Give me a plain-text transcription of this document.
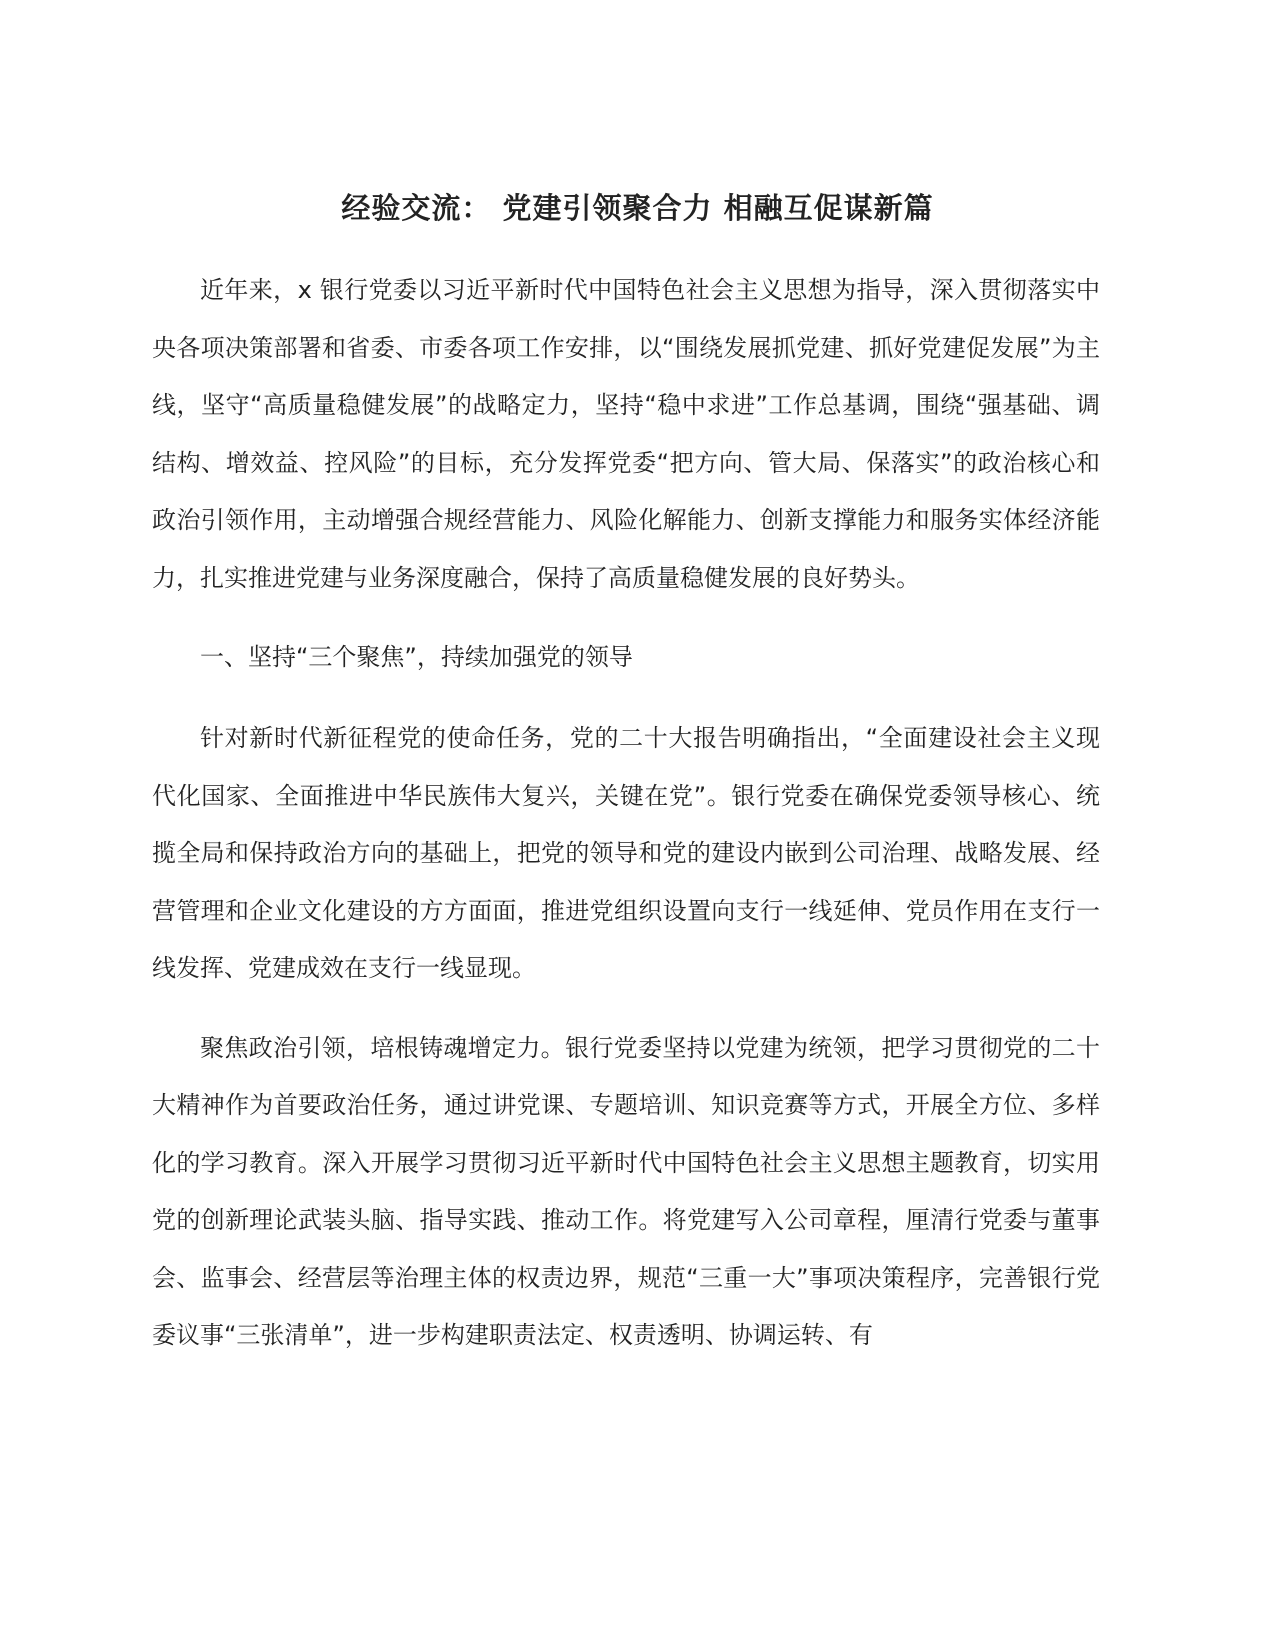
经验交流： 党建引领聚合力 相融互促谋新篇

近年来，x 银行党委以习近平新时代中国特色社会主义思想为指导，深入贯彻落实中央各项决策部署和省委、市委各项工作安排，以“围绕发展抓党建、抓好党建促发展”为主线，坚守“高质量稳健发展”的战略定力，坚持“稳中求进”工作总基调，围绕“强基础、调结构、增效益、控风险”的目标，充分发挥党委“把方向、管大局、保落实”的政治核心和政治引领作用，主动增强合规经营能力、风险化解能力、创新支撑能力和服务实体经济能力，扎实推进党建与业务深度融合，保持了高质量稳健发展的良好势头。

一、坚持“三个聚焦”，持续加强党的领导

针对新时代新征程党的使命任务，党的二十大报告明确指出，“全面建设社会主义现代化国家、全面推进中华民族伟大复兴，关键在党”。银行党委在确保党委领导核心、统揽全局和保持政治方向的基础上，把党的领导和党的建设内嵌到公司治理、战略发展、经营管理和企业文化建设的方方面面，推进党组织设置向支行一线延伸、党员作用在支行一线发挥、党建成效在支行一线显现。

聚焦政治引领，培根铸魂增定力。银行党委坚持以党建为统领，把学习贯彻党的二十大精神作为首要政治任务，通过讲党课、专题培训、知识竞赛等方式，开展全方位、多样化的学习教育。深入开展学习贯彻习近平新时代中国特色社会主义思想主题教育，切实用党的创新理论武装头脑、指导实践、推动工作。将党建写入公司章程，厘清行党委与董事会、监事会、经营层等治理主体的权责边界，规范“三重一大”事项决策程序，完善银行党委议事“三张清单”，进一步构建职责法定、权责透明、协调运转、有
